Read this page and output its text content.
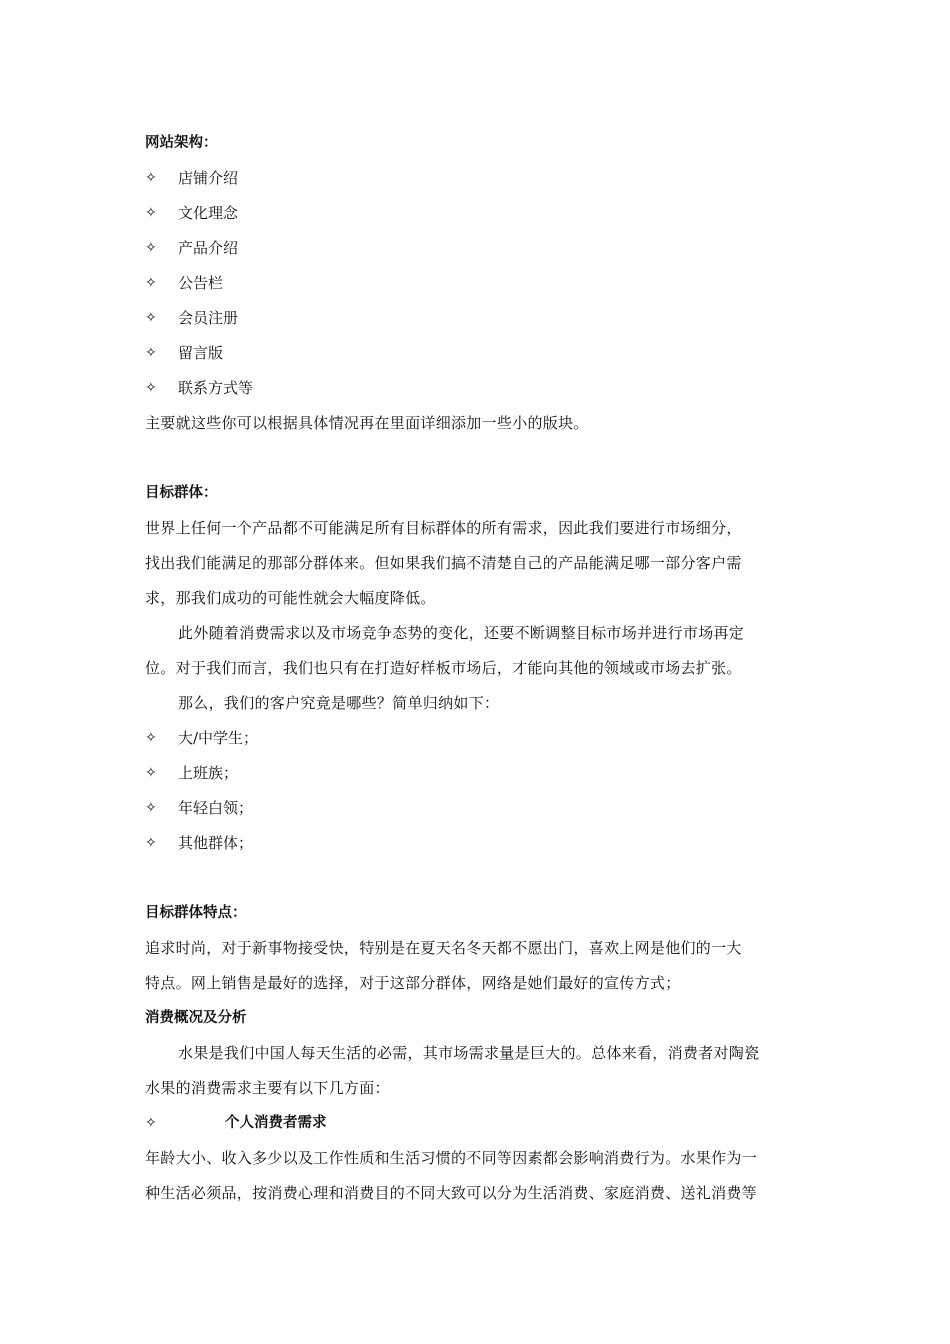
网站架构：
✧	店铺介绍
✧	文化理念
✧	产品介绍
✧	公告栏
✧	会员注册
✧	留言版
✧	联系方式等
主要就这些你可以根据具体情况再在里面详细添加一些小的版块。
目标群体：
世界上任何一个产品都不可能满足所有目标群体的所有需求，因此我们要进行市场细分，
找出我们能满足的那部分群体来。但如果我们搞不清楚自己的产品能满足哪一部分客户需
求，那我们成功的可能性就会大幅度降低。
此外随着消费需求以及市场竞争态势的变化，还要不断调整目标市场并进行市场再定
位。对于我们而言，我们也只有在打造好样板市场后，才能向其他的领域或市场去扩张。
那么，我们的客户究竟是哪些？简单归纳如下：
✧	大/中学生；
✧	上班族；
✧	年轻白领；
✧	其他群体；
目标群体特点：
追求时尚，对于新事物接受快，特别是在夏天名冬天都不愿出门，喜欢上网是他们的一大
特点。网上销售是最好的选择，对于这部分群体，网络是她们最好的宣传方式；
消费概况及分析
水果是我们中国人每天生活的必需，其市场需求量是巨大的。总体来看，消费者对陶瓷
水果的消费需求主要有以下几方面：
✧	个人消费者需求
年龄大小、收入多少以及工作性质和生活习惯的不同等因素都会影响消费行为。水果作为一
种生活必须品，按消费心理和消费目的不同大致可以分为生活消费、家庭消费、送礼消费等
